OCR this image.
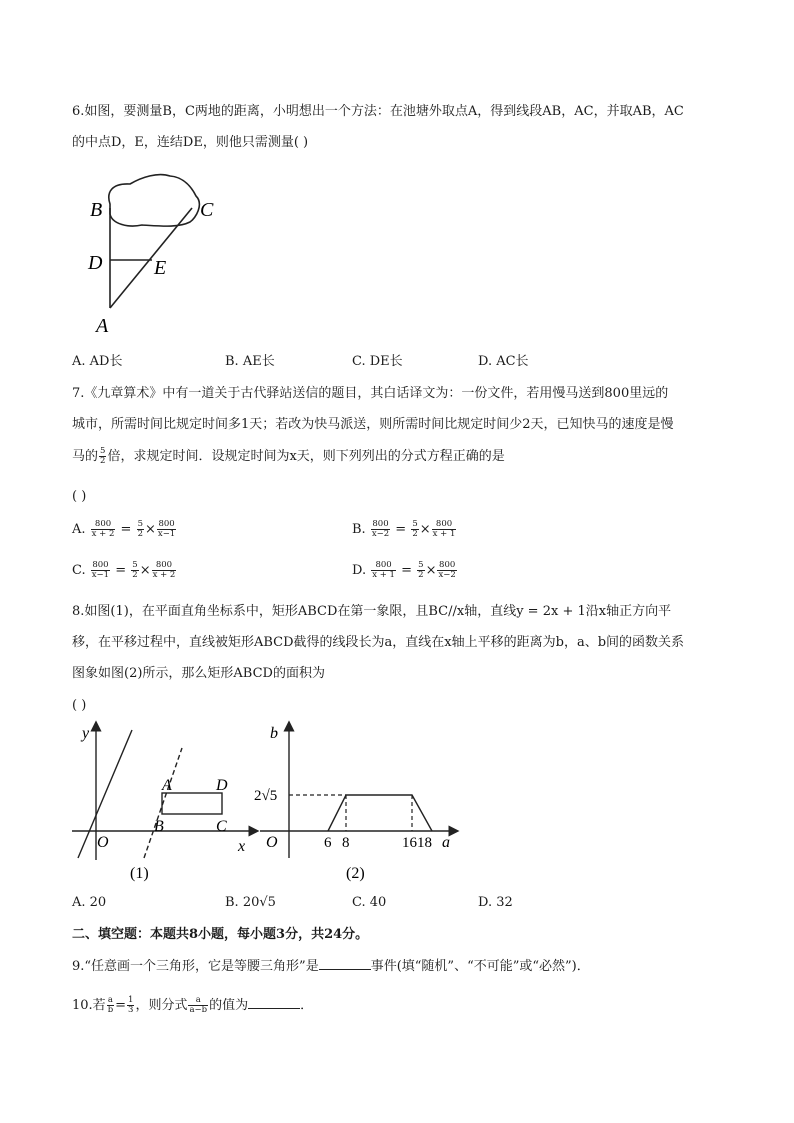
6.如图，要测量B，C两地的距离，小明想出一个方法：在池塘外取点A，得到线段AB，AC，并取AB，AC
的中点D，E，连结DE，则他只需测量( )
B	C
D	E
A
A. AD长	B. AE长	C. DE长	D. AC长
7.《九章算术》中有一道关于古代驿站送信的题目，其白话译文为：一份文件，若用慢马送到800里远的
城市，所需时间比规定时间多1天；若改为快马派送，则所需时间比规定时间少2天，已知快马的速度是慢
马的 $\frac{5}{2}$ 倍，求规定时间．设规定时间为x天，则下列列出的分式方程正确的是
( )
A. $\frac{800}{x + 2} = \frac{5}{2} \times \frac{800}{x-1}$	B. $\frac{800}{x-2} = \frac{5}{2} \times \frac{800}{x + 1}$
C. $\frac{800}{x-1} = \frac{5}{2} \times \frac{800}{x + 2}$	D. $\frac{800}{x + 1} = \frac{5}{2} \times \frac{800}{x-2}$
8.如图(1)，在平面直角坐标系中，矩形ABCD在第一象限，且BC//x轴，直线y = 2x + 1沿x轴正方向平
移，在平移过程中，直线被矩形ABCD截得的线段长为a，直线在x轴上平移的距离为b，a、b间的函数关系
图象如图(2)所示，那么矩形ABCD的面积为
( )
y
O	x
A	D
B	C
(1)
b
O	a
2√5
6 8	1618
(2)
A. 20	B. 20√5	C. 40	D. 32
二、填空题：本题共8小题，每小题3分，共24分。
9.“任意画一个三角形，它是等腰三角形”是	事件(填“随机”、“不可能”或“必然”)．
10.若 $\frac{a}{b} = \frac{1}{3}$ ，则分式 $\frac{a}{a-b}$ 的值为	．
